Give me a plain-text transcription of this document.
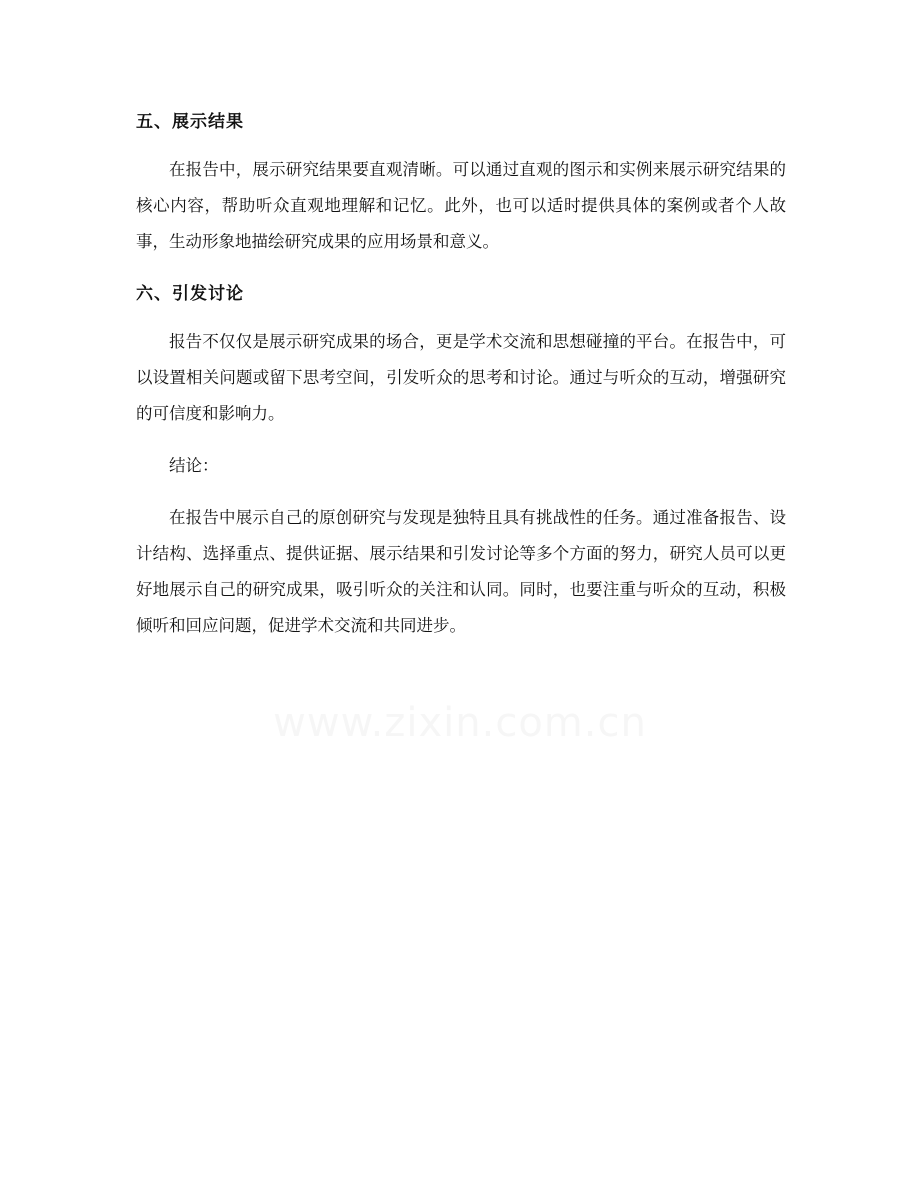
五、展示结果

在报告中，展示研究结果要直观清晰。可以通过直观的图示和实例来展示研究结果的核心内容，帮助听众直观地理解和记忆。此外，也可以适时提供具体的案例或者个人故事，生动形象地描绘研究成果的应用场景和意义。

六、引发讨论

报告不仅仅是展示研究成果的场合，更是学术交流和思想碰撞的平台。在报告中，可以设置相关问题或留下思考空间，引发听众的思考和讨论。通过与听众的互动，增强研究的可信度和影响力。

结论：

在报告中展示自己的原创研究与发现是独特且具有挑战性的任务。通过准备报告、设计结构、选择重点、提供证据、展示结果和引发讨论等多个方面的努力，研究人员可以更好地展示自己的研究成果，吸引听众的关注和认同。同时，也要注重与听众的互动，积极倾听和回应问题，促进学术交流和共同进步。

www.zixin.com.cn
